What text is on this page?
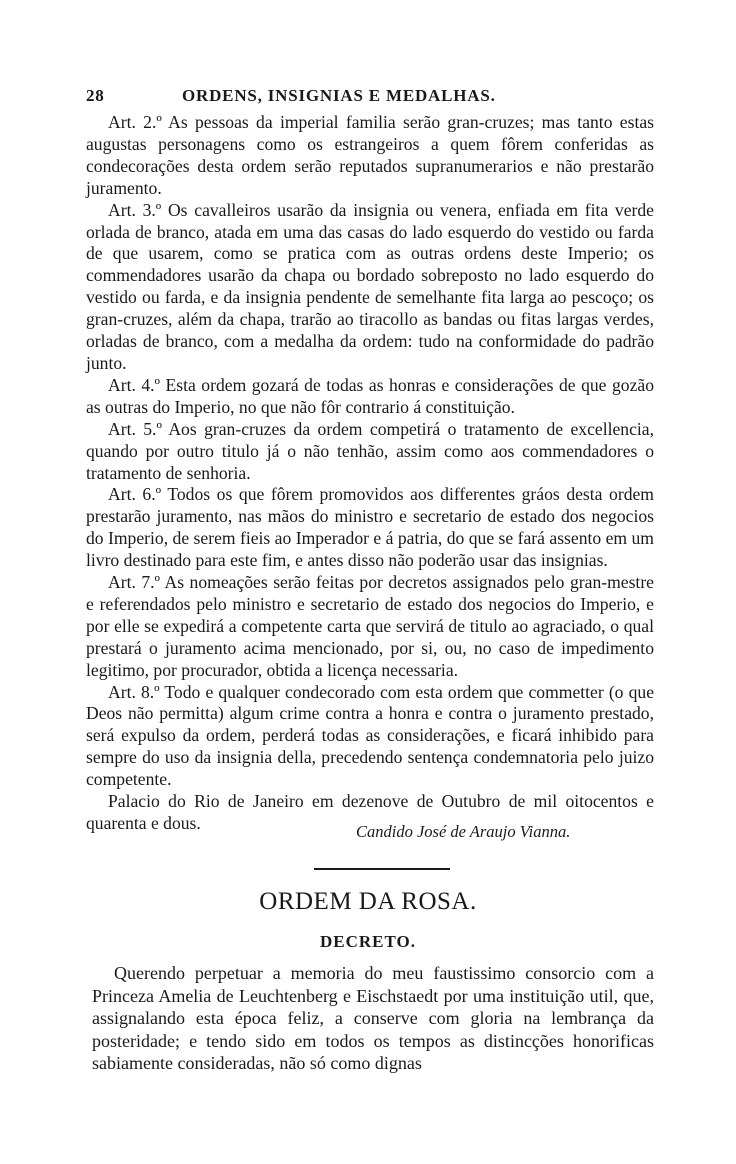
28	ORDENS, INSIGNIAS E MEDALHAS.

Art. 2.º As pessoas da imperial familia serão gran-cruzes; mas tanto estas augustas personagens como os estrangeiros a quem fôrem conferidas as condecorações desta ordem serão reputados supranumerarios e não prestarão juramento.

Art. 3.º Os cavalleiros usarão da insignia ou venera, enfiada em fita verde orlada de branco, atada em uma das casas do lado esquerdo do vestido ou farda de que usarem, como se pratica com as outras ordens deste Imperio; os commendadores usarão da chapa ou bordado sobreposto no lado esquerdo do vestido ou farda, e da insignia pendente de semelhante fita larga ao pescoço; os gran-cruzes, além da chapa, trarão ao tiracollo as bandas ou fitas largas verdes, orladas de branco, com a medalha da ordem: tudo na conformidade do padrão junto.

Art. 4.º Esta ordem gozará de todas as honras e considerações de que gozão as outras do Imperio, no que não fôr contrario á constituição.

Art. 5.º Aos gran-cruzes da ordem competirá o tratamento de excellencia, quando por outro titulo já o não tenhão, assim como aos commendadores o tratamento de senhoria.

Art. 6.º Todos os que fôrem promovidos aos differentes gráos desta ordem prestarão juramento, nas mãos do ministro e secretario de estado dos negocios do Imperio, de serem fieis ao Imperador e á patria, do que se fará assento em um livro destinado para este fim, e antes disso não poderão usar das insignias.

Art. 7.º As nomeações serão feitas por decretos assignados pelo gran-mestre e referendados pelo ministro e secretario de estado dos negocios do Imperio, e por elle se expedirá a competente carta que servirá de titulo ao agraciado, o qual prestará o juramento acima mencionado, por si, ou, no caso de impedimento legitimo, por procurador, obtida a licença necessaria.

Art. 8.º Todo e qualquer condecorado com esta ordem que commetter (o que Deos não permitta) algum crime contra a honra e contra o juramento prestado, será expulso da ordem, perderá todas as considerações, e ficará inhibido para sempre do uso da insignia della, precedendo sentença condemnatoria pelo juizo competente.

Palacio do Rio de Janeiro em dezenove de Outubro de mil oitocentos e quarenta e dous.	Candido José de Araujo Vianna.
ORDEM DA ROSA.
DECRETO.

Querendo perpetuar a memoria do meu faustissimo consorcio com a Princeza Amelia de Leuchtenberg e Eischstaedt por uma instituição util, que, assignalando esta época feliz, a conserve com gloria na lembrança da posteridade; e tendo sido em todos os tempos as distincções honorificas sabiamente consideradas, não só como dignas
